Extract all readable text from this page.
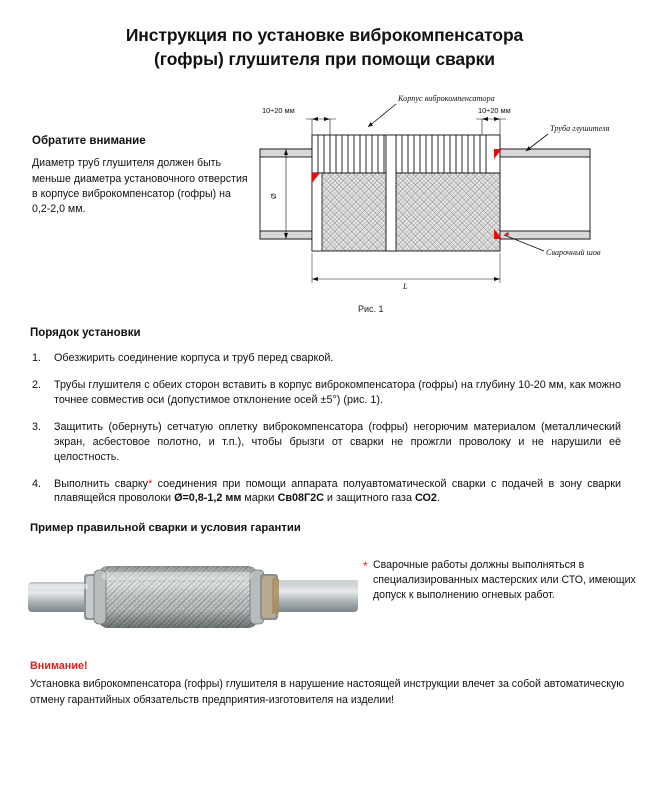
Инструкция по установке виброкомпенсатора
(гофры) глушителя при помощи сварки
Обратите внимание
Диаметр труб глушителя должен быть меньше диаметра установочного отверстия в корпусе виброкомпенсатор (гофры) на 0,2-2,0 мм.
Корпус виброкомпенсатора
Труба глушителя
Сварочный шов
10÷20 мм	10÷20 мм
Ø
L
Рис. 1
Порядок установки
Обезжирить соединение корпуса и труб перед сваркой.
Трубы глушителя с обеих сторон вставить в корпус виброкомпенсатора (гофры) на глубину 10-20 мм, как можно точнее совместив оси (допустимое отклонение осей ±5°) (рис. 1).
Защитить (обернуть) сетчатую оплетку виброкомпенсатора (гофры) негорючим материалом (металлический экран, асбестовое полотно, и т.п.), чтобы брызги от сварки не прожгли проволоку и не нарушили её целостность.
Выполнить сварку* соединения при помощи аппарата полуавтоматической сварки с подачей в зону сварки плавящейся проволоки Ø=0,8-1,2 мм марки Св08Г2С и защитного газа СО2.
Пример правильной сварки и условия гарантии
* Сварочные работы должны выполняться в специализированных мастерских или СТО, имеющих допуск к выполнению огневых работ.
Внимание!
Установка виброкомпенсатора (гофры) глушителя в нарушение настоящей инструкции влечет за собой автоматическую отмену гарантийных обязательств предприятия-изготовителя на изделии!
